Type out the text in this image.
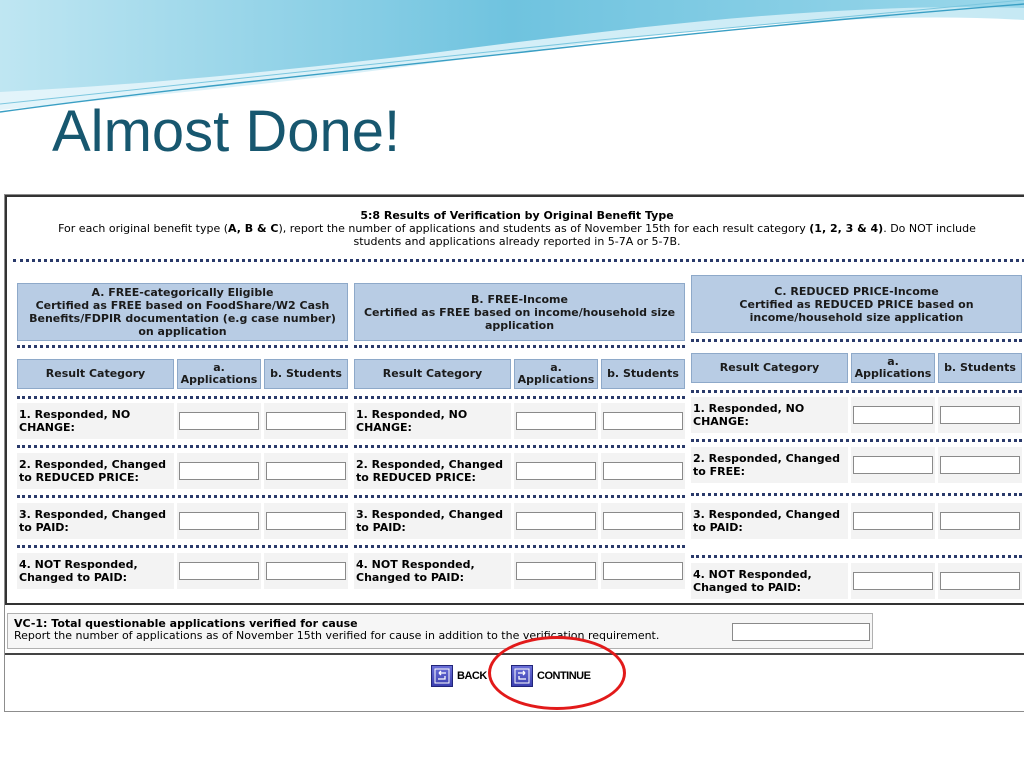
Almost Done!
5:8 Results of Verification by Original Benefit Type
For each original benefit type (A, B & C), report the number of applications and students as of November 15th for each result category (1, 2, 3 & 4). Do NOT include
students and applications already reported in 5-7A or 5-7B.
A. FREE-categorically Eligible
Certified as FREE based on FoodShare/W2 Cash Benefits/FDPIR documentation (e.g case number) on application
Result Category	a. Applications	b. Students
1. Responded, NO CHANGE:
2. Responded, Changed to REDUCED PRICE:
3. Responded, Changed to PAID:
4. NOT Responded, Changed to PAID:
B. FREE-Income
Certified as FREE based on income/household size application
Result Category	a. Applications	b. Students
1. Responded, NO CHANGE:
2. Responded, Changed to REDUCED PRICE:
3. Responded, Changed to PAID:
4. NOT Responded, Changed to PAID:
C. REDUCED PRICE-Income
Certified as REDUCED PRICE based on income/household size application
Result Category	a. Applications	b. Students
1. Responded, NO CHANGE:
2. Responded, Changed to FREE:
3. Responded, Changed to PAID:
4. NOT Responded, Changed to PAID:
VC-1: Total questionable applications verified for cause
Report the number of applications as of November 15th verified for cause in addition to the verification requirement.
BACK	CONTINUE
